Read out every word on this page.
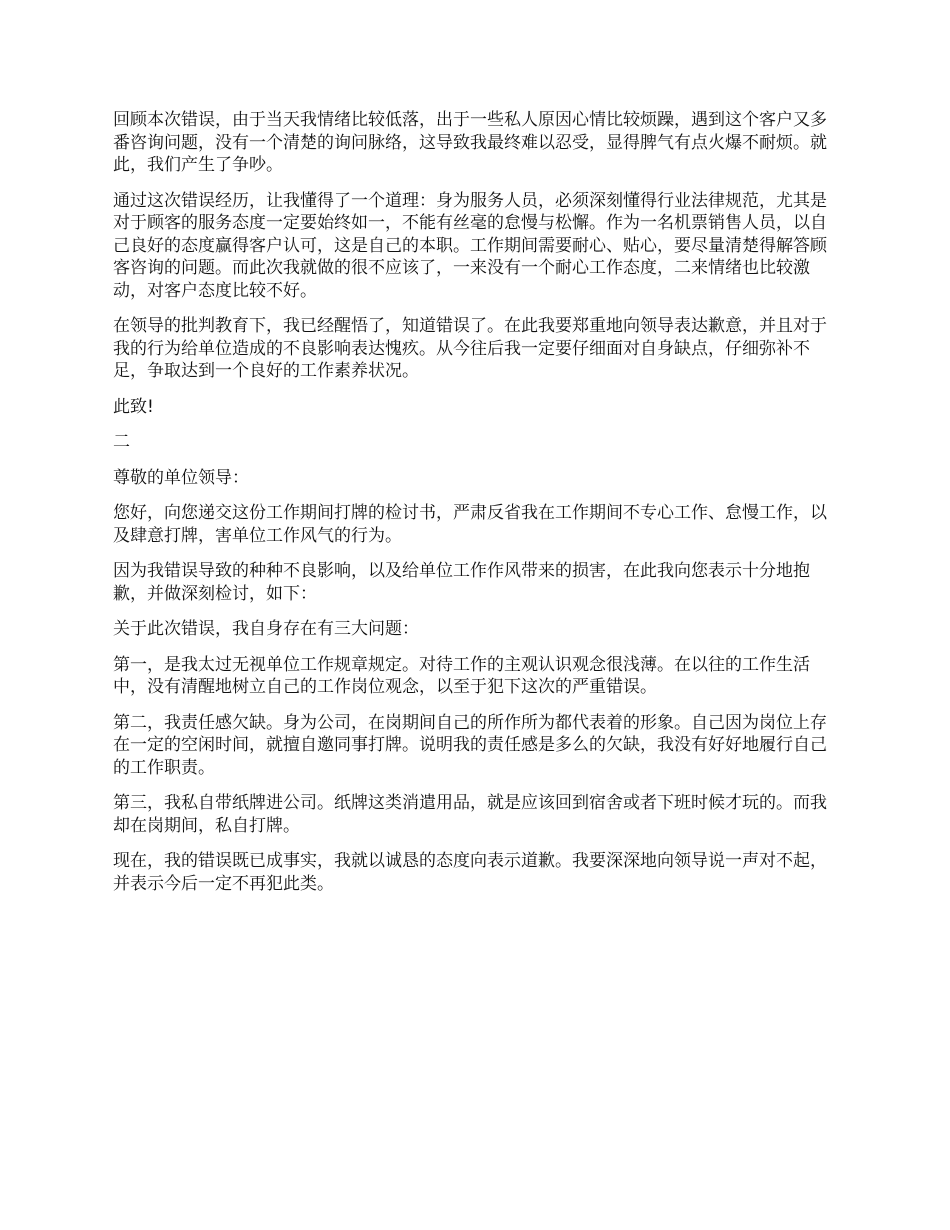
回顾本次错误，由于当天我情绪比较低落，出于一些私人原因心情比较烦躁，遇到这个客户又多番咨询问题，没有一个清楚的询问脉络，这导致我最终难以忍受，显得脾气有点火爆不耐烦。就此，我们产生了争吵。

通过这次错误经历，让我懂得了一个道理：身为服务人员，必须深刻懂得行业法律规范，尤其是对于顾客的服务态度一定要始终如一，不能有丝毫的怠慢与松懈。作为一名机票销售人员，以自己良好的态度赢得客户认可，这是自己的本职。工作期间需要耐心、贴心，要尽量清楚得解答顾客咨询的问题。而此次我就做的很不应该了，一来没有一个耐心工作态度，二来情绪也比较激动，对客户态度比较不好。

在领导的批判教育下，我已经醒悟了，知道错误了。在此我要郑重地向领导表达歉意，并且对于我的行为给单位造成的不良影响表达愧疚。从今往后我一定要仔细面对自身缺点，仔细弥补不足，争取达到一个良好的工作素养状况。

此致!

二

尊敬的单位领导：

您好，向您递交这份工作期间打牌的检讨书，严肃反省我在工作期间不专心工作、怠慢工作，以及肆意打牌，害单位工作风气的行为。

因为我错误导致的种种不良影响，以及给单位工作作风带来的损害，在此我向您表示十分地抱歉，并做深刻检讨，如下：

关于此次错误，我自身存在有三大问题：

第一，是我太过无视单位工作规章规定。对待工作的主观认识观念很浅薄。在以往的工作生活中，没有清醒地树立自己的工作岗位观念，以至于犯下这次的严重错误。

第二，我责任感欠缺。身为公司，在岗期间自己的所作所为都代表着的形象。自己因为岗位上存在一定的空闲时间，就擅自邀同事打牌。说明我的责任感是多么的欠缺，我没有好好地履行自己的工作职责。

第三，我私自带纸牌进公司。纸牌这类消遣用品，就是应该回到宿舍或者下班时候才玩的。而我却在岗期间，私自打牌。

现在，我的错误既已成事实，我就以诚恳的态度向表示道歉。我要深深地向领导说一声对不起，并表示今后一定不再犯此类。
